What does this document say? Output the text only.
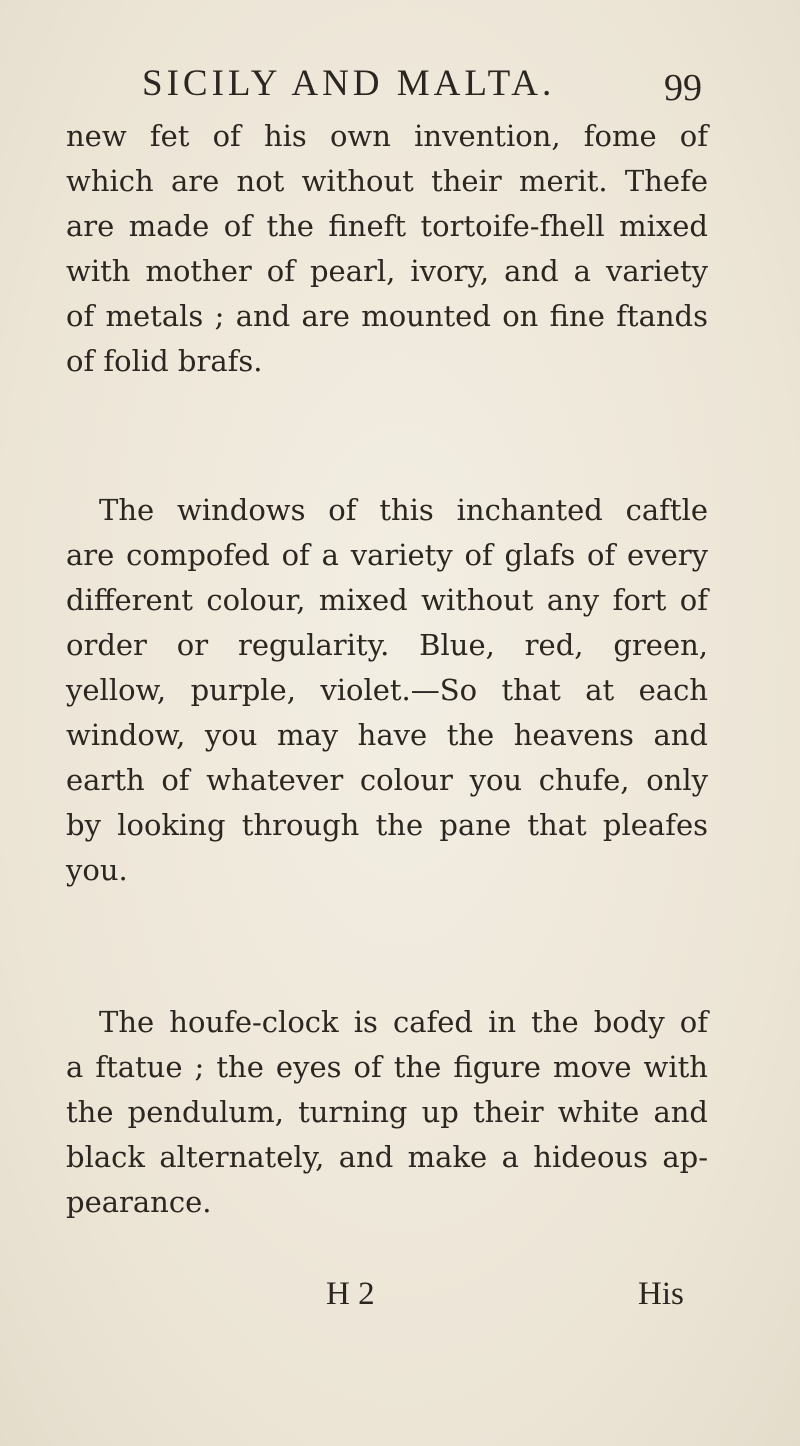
SICILY AND MALTA.	99
new fet of his own invention, fome of
which are not without their merit. Thefe
are made of the fineft tortoife-fhell mixed
with mother of pearl, ivory, and a variety
of metals ; and are mounted on fine ftands
of folid brafs.
The windows of this inchanted caftle
are compofed of a variety of glafs of every
different colour, mixed without any fort of
order or regularity. Blue, red, green,
yellow, purple, violet.—So that at each
window, you may have the heavens and
earth of whatever colour you chufe, only
by looking through the pane that pleafes
you.
The houfe-clock is cafed in the body of
a ftatue ; the eyes of the figure move with
the pendulum, turning up their white and
black alternately, and make a hideous ap-
pearance.
H 2	His
